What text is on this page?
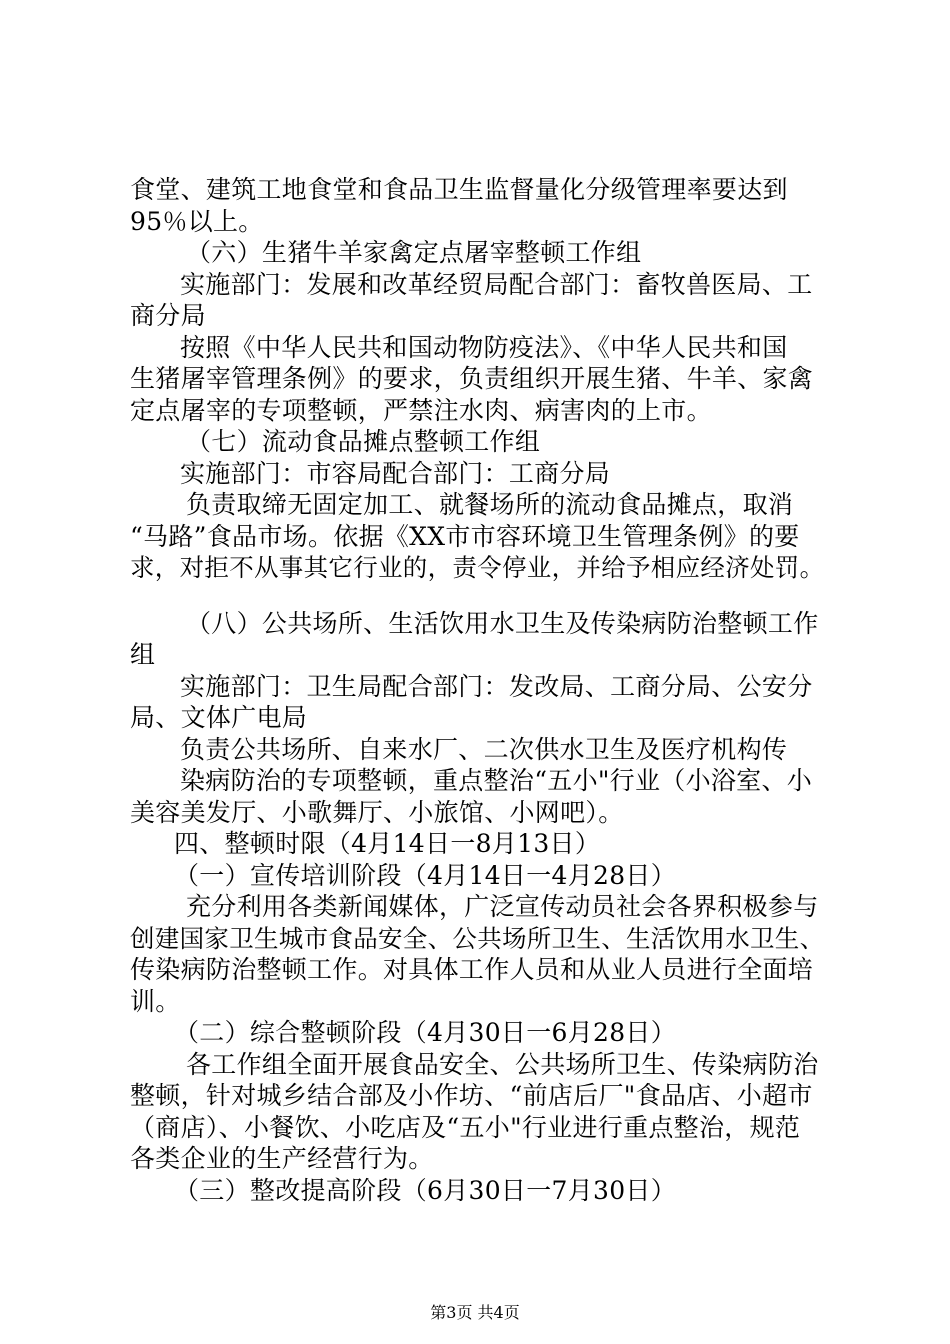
食堂、建筑工地食堂和食品卫生监督量化分级管理率要达到
95％以上。
（六）生猪牛羊家禽定点屠宰整顿工作组
实施部门：发展和改革经贸局配合部门：畜牧兽医局、工
商分局
按照《中华人民共和国动物防疫法》、《中华人民共和国
生猪屠宰管理条例》的要求，负责组织开展生猪、牛羊、家禽
定点屠宰的专项整顿，严禁注水肉、病害肉的上市。
（七）流动食品摊点整顿工作组
实施部门：市容局配合部门：工商分局
负责取缔无固定加工、就餐场所的流动食品摊点，取消
“马路”食品市场。依据《XX市市容环境卫生管理条例》的要
求，对拒不从事其它行业的，责令停业，并给予相应经济处罚。
（八）公共场所、生活饮用水卫生及传染病防治整顿工作
组
实施部门：卫生局配合部门：发改局、工商分局、公安分
局、文体广电局
负责公共场所、自来水厂、二次供水卫生及医疗机构传
染病防治的专项整顿，重点整治“五小"行业（小浴室、小
美容美发厅、小歌舞厅、小旅馆、小网吧）。
四、整顿时限（4月14日一8月13日）
（一）宣传培训阶段（4月14日一4月28日）
充分利用各类新闻媒体，广泛宣传动员社会各界积极参与
创建国家卫生城市食品安全、公共场所卫生、生活饮用水卫生、
传染病防治整顿工作。对具体工作人员和从业人员进行全面培
训。
（二）综合整顿阶段（4月30日一6月28日）
各工作组全面开展食品安全、公共场所卫生、传染病防治
整顿，针对城乡结合部及小作坊、“前店后厂"食品店、小超市
（商店）、小餐饮、小吃店及“五小"行业进行重点整治，规范
各类企业的生产经营行为。
（三）整改提高阶段（6月30日一7月30日）
第3页 共4页
